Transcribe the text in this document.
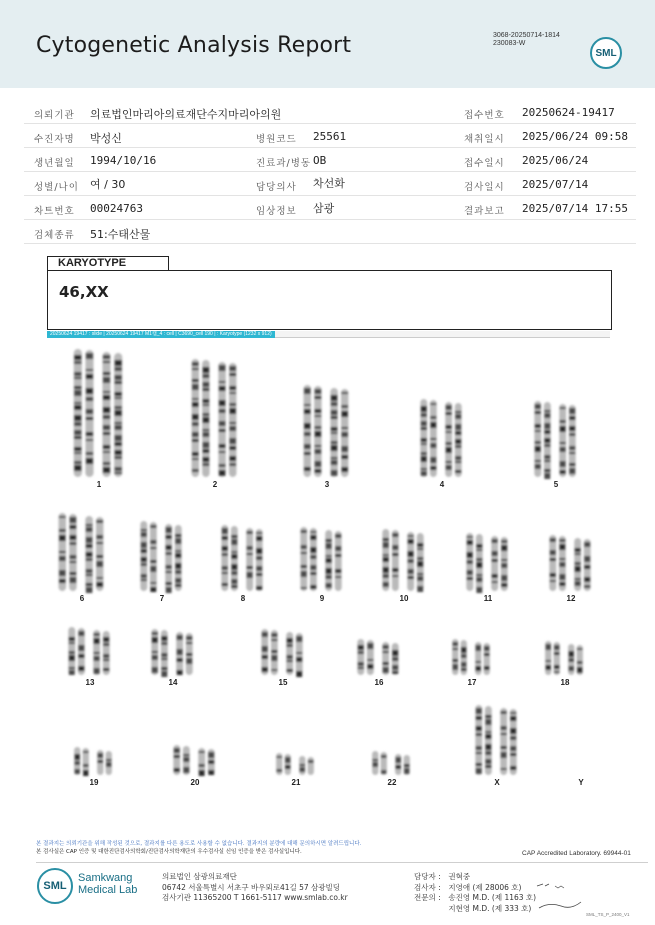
Cytogenetic Analysis Report	3068-20250714-1814
230083-W
SML
의뢰기관 의료법인마리아의료재단수지마리아의원	접수번호 20250624-19417
수진자명 박성신	병원코드 25561	채취일시 2025/06/24 09:58
생년월일 1994/10/16	진료과/병동 OB	접수일시 2025/06/24
성별/나이 여 / 30	담당의사 차선화	검사일시 2025/07/14
차트번호 00024763	임상정보 삼광	결과보고 2025/07/14 17:55
검체종류 51:수태산물
KARYOTYPE
46,XX
20250624 19417 : slide | 20250624 19417 M1캡_4 : cell | C3690_cell 190 | : Karyotype (1232 x 912)
1	2	3	4	5
6	7	8	9	10	11	12
13	14	15	16	17	18
19	20	21	22	X	Y
본 결과지는 의뢰기관을 위해 작성된 것으로, 결과지를 다른 용도로 사용할 수 없습니다. 결과지의 분량에 대해 문의하시면 알려드립니다.
본 검사실은 CAP 인증 및 대한진단검사의학회/진단검사의학재단의 우수검사실 신임 인증을 받은 검사실입니다.	CAP Accredited Laboratory. 69944-01
SML
Samkwang
Medical Lab
의료법인 삼광의료재단
06742 서울특별시 서초구 바우뫼로41길 57 삼광빌딩
검사기관 11365200 T 1661-5117 www.smlab.co.kr
담당자 : 권혁중
검사자 : 지영애 (제 28006 호)
전문의 : 송진영 M.D. (제 1163 호)
지현영 M.D. (제 333 호)
SML_TS_P_2400_V1
